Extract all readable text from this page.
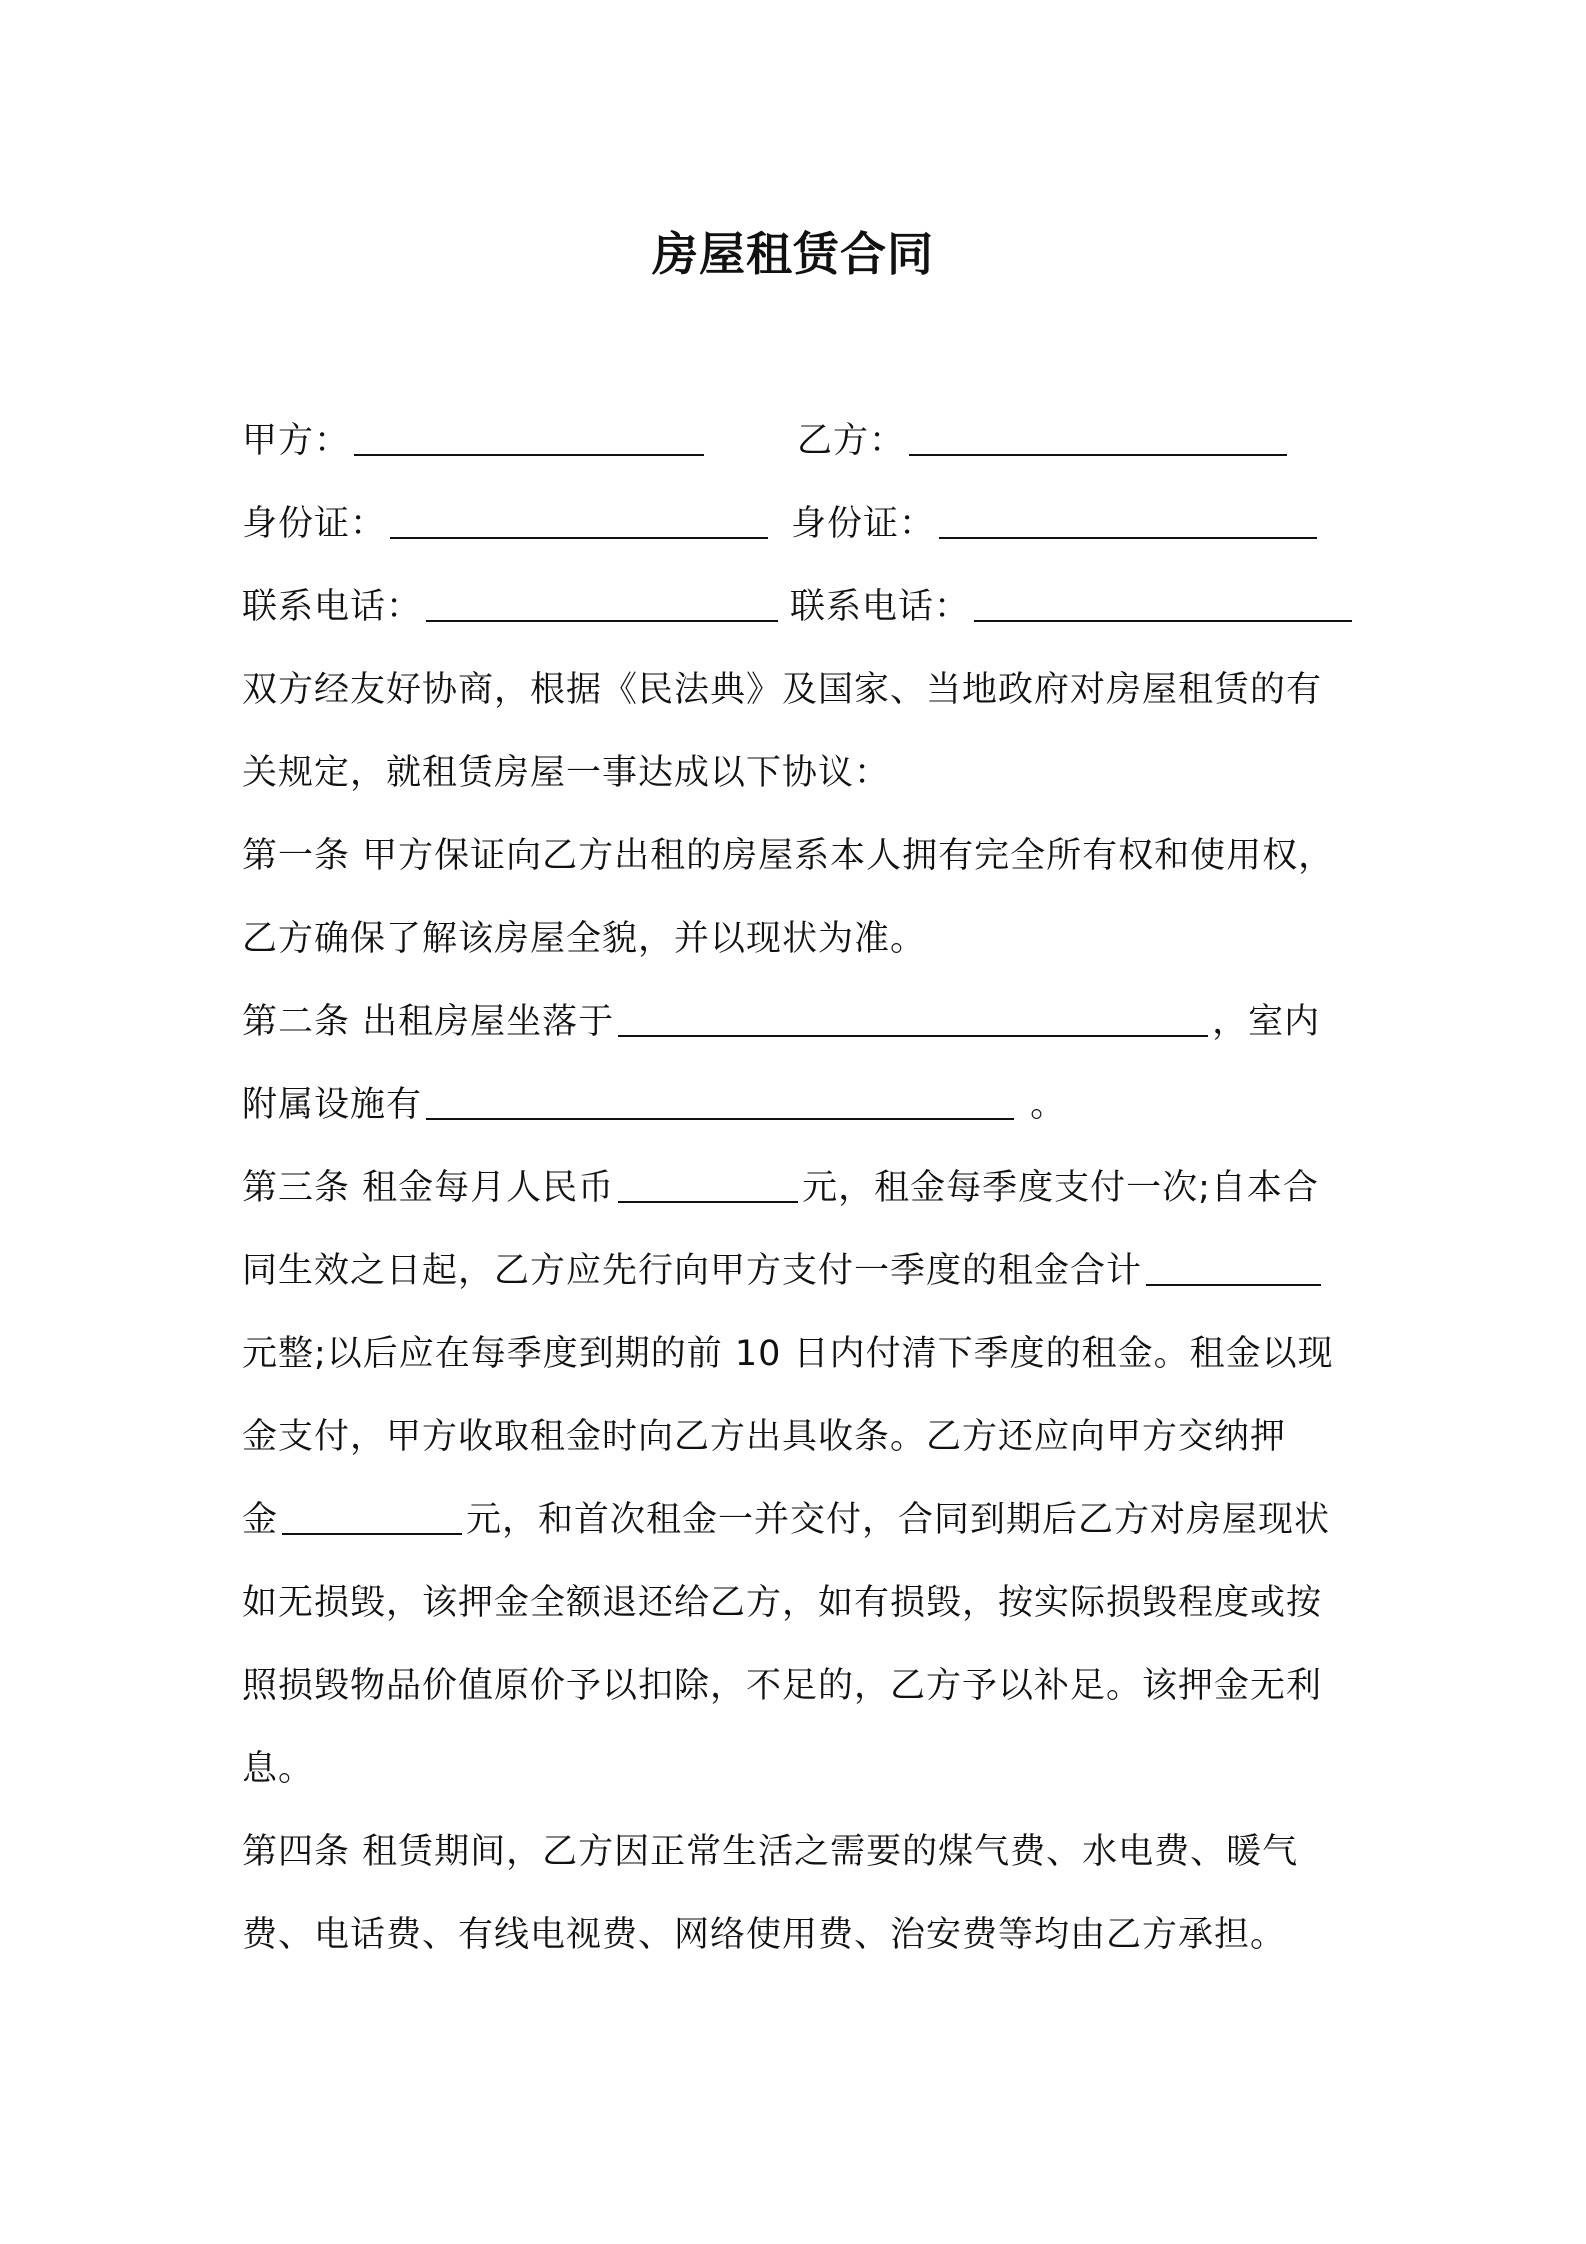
房屋租赁合同
甲方：	乙方：
身份证：	身份证：
联系电话：	联系电话：
双方经友好协商，根据《民法典》及国家、当地政府对房屋租赁的有
关规定，就租赁房屋一事达成以下协议：
第一条 甲方保证向乙方出租的房屋系本人拥有完全所有权和使用权，
乙方确保了解该房屋全貌，并以现状为准。
第二条 出租房屋坐落于	，室内
附属设施有	。
第三条 租金每月人民币	元，租金每季度支付一次;自本合
同生效之日起，乙方应先行向甲方支付一季度的租金合计
元整;以后应在每季度到期的前 10 日内付清下季度的租金。租金以现
金支付，甲方收取租金时向乙方出具收条。乙方还应向甲方交纳押
金	元，和首次租金一并交付，合同到期后乙方对房屋现状
如无损毁，该押金全额退还给乙方，如有损毁，按实际损毁程度或按
照损毁物品价值原价予以扣除，不足的，乙方予以补足。该押金无利
息。
第四条 租赁期间，乙方因正常生活之需要的煤气费、水电费、暖气
费、电话费、有线电视费、网络使用费、治安费等均由乙方承担。
